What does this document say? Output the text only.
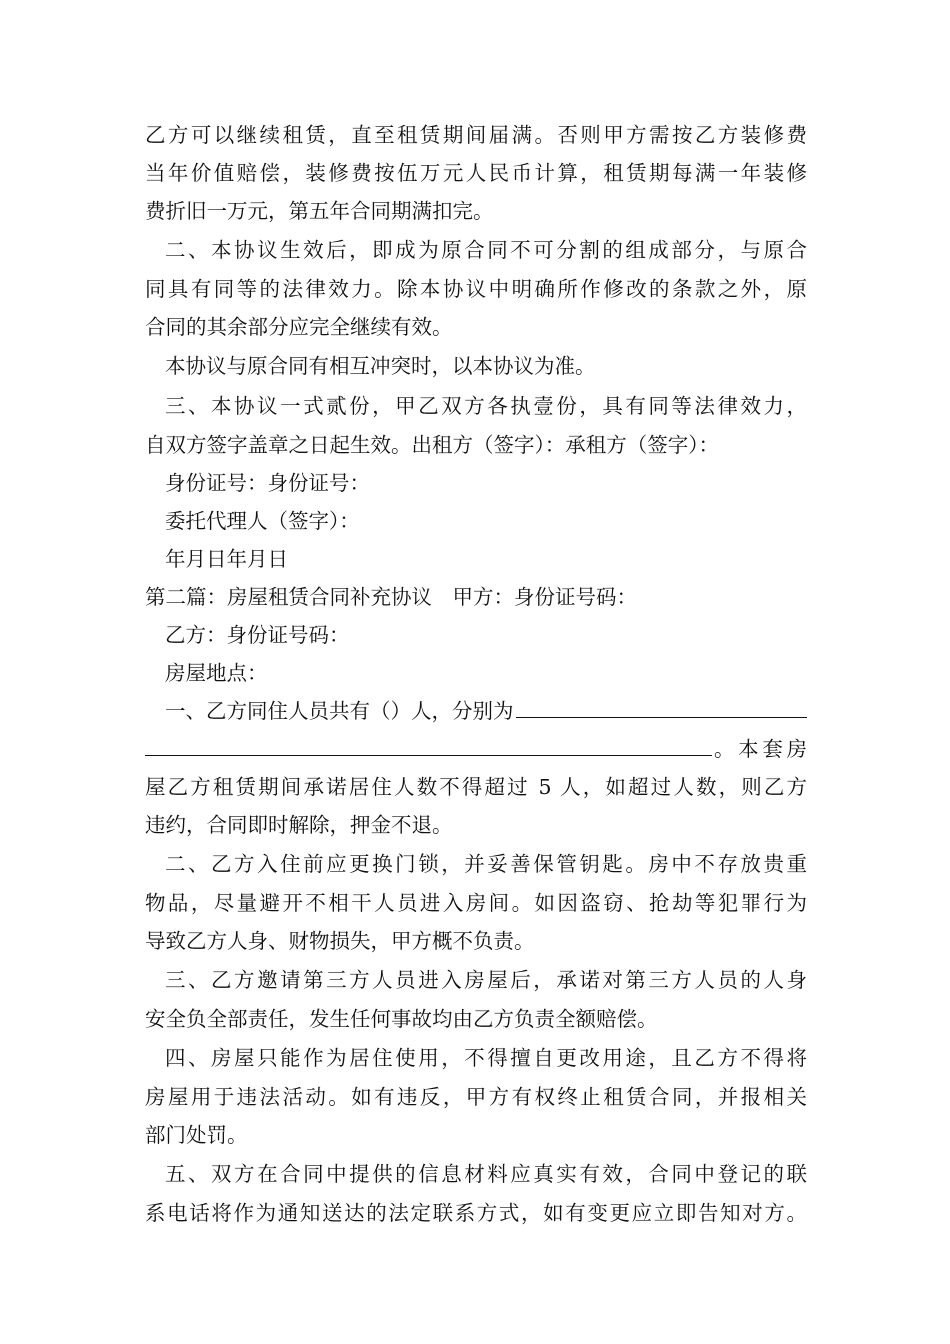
乙方可以继续租赁，直至租赁期间届满。否则甲方需按乙方装修费
当年价值赔偿，装修费按伍万元人民币计算，租赁期每满一年装修
费折旧一万元，第五年合同期满扣完。
二、本协议生效后，即成为原合同不可分割的组成部分，与原合
同具有同等的法律效力。除本协议中明确所作修改的条款之外，原
合同的其余部分应完全继续有效。
本协议与原合同有相互冲突时，以本协议为准。
三、本协议一式贰份，甲乙双方各执壹份，具有同等法律效力，
自双方签字盖章之日起生效。出租方（签字）：承租方（签字）：
身份证号：身份证号：
委托代理人（签字）：
年月日年月日
第二篇：房屋租赁合同补充协议　甲方：身份证号码：
乙方：身份证号码：
房屋地点：
一、乙方同住人员共有（）人，分别为
。本套房
屋乙方租赁期间承诺居住人数不得超过 5 人，如超过人数，则乙方
违约，合同即时解除，押金不退。
二、乙方入住前应更换门锁，并妥善保管钥匙。房中不存放贵重
物品，尽量避开不相干人员进入房间。如因盗窃、抢劫等犯罪行为
导致乙方人身、财物损失，甲方概不负责。
三、乙方邀请第三方人员进入房屋后，承诺对第三方人员的人身
安全负全部责任，发生任何事故均由乙方负责全额赔偿。
四、房屋只能作为居住使用，不得擅自更改用途，且乙方不得将
房屋用于违法活动。如有违反，甲方有权终止租赁合同，并报相关
部门处罚。
五、双方在合同中提供的信息材料应真实有效，合同中登记的联
系电话将作为通知送达的法定联系方式，如有变更应立即告知对方。
